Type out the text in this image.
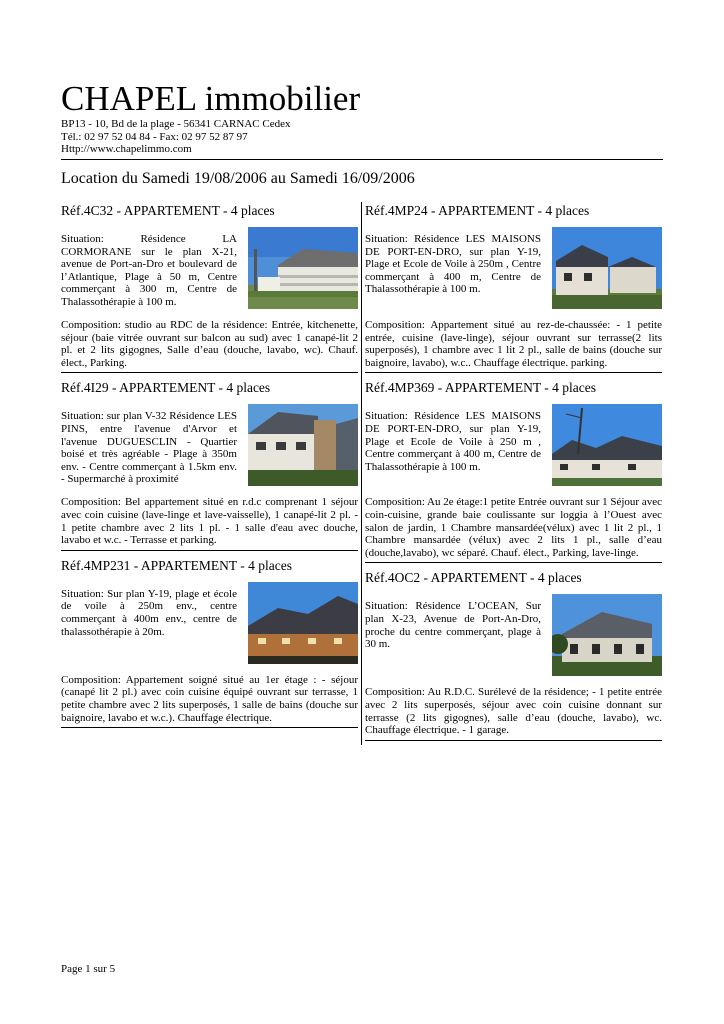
CHAPEL immobilier
BP13 - 10, Bd de la plage - 56341 CARNAC Cedex
Tél.: 02 97 52 04 84 - Fax: 02 97 52 87 97
Http://www.chapelimmo.com
Location du Samedi 19/08/2006 au Samedi 16/09/2006
Réf.4C32 - APPARTEMENT - 4 places
Situation: Résidence LA CORMORANE sur le plan X-21, avenue de Port-an-Dro et boulevard de l’Atlantique, Plage à 50 m, Centre commerçant à 300 m, Centre de Thalassothérapie à 100 m.
Composition: studio au RDC de la résidence: Entrée, kitchenette, séjour (baie vitrée ouvrant sur balcon au sud) avec 1 canapé-lit 2 pl. et 2 lits gigognes, Salle d’eau (douche, lavabo, wc). Chauf. élect., Parking.
Réf.4I29 - APPARTEMENT - 4 places
Situation: sur plan V-32 Résidence LES PINS, entre l'avenue d'Arvor et l'avenue DUGUESCLIN - Quartier boisé et très agréable - Plage à 350m env. - Centre commerçant à 1.5km env. - Supermarché à proximité
Composition: Bel appartement situé en r.d.c comprenant 1 séjour avec coin cuisine (lave-linge et lave-vaisselle), 1 canapé-lit 2 pl. - 1 petite chambre avec 2 lits 1 pl. - 1 salle d'eau avec douche, lavabo et w.c. - Terrasse et parking.
Réf.4MP231 - APPARTEMENT - 4 places
Situation: Sur plan Y-19, plage et école de voile à 250m env., centre commerçant à 400m env., centre de thalassothérapie à 20m.
Composition: Appartement soigné situé au 1er étage : - séjour (canapé lit 2 pl.) avec coin cuisine équipé ouvrant sur terrasse, 1 petite chambre avec 2 lits superposés, 1 salle de bains (douche sur baignoire, lavabo et w.c.). Chauffage électrique.
Réf.4MP24 - APPARTEMENT - 4 places
Situation: Résidence LES MAISONS DE PORT-EN-DRO, sur plan Y-19, Plage et Ecole de Voile à 250m , Centre commerçant à 400 m, Centre de Thalassothérapie à 100 m.
Composition: Appartement situé au rez-de-chaussée: - 1 petite entrée, cuisine (lave-linge), séjour ouvrant sur terrasse(2 lits superposés), 1 chambre avec 1 lit 2 pl., salle de bains (douche sur baignoire, lavabo), w.c.. Chauffage électrique. parking.
Réf.4MP369 - APPARTEMENT - 4 places
Situation: Résidence LES MAISONS DE PORT-EN-DRO, sur plan Y-19, Plage et Ecole de Voile à 250 m , Centre commerçant à 400 m, Centre de Thalassothérapie à 100 m.
Composition: Au 2e étage:1 petite Entrée ouvrant sur 1 Séjour avec coin-cuisine, grande baie coulissante sur loggia à l’Ouest avec salon de jardin, 1 Chambre mansardée(vélux) avec 1 lit 2 pl., 1 Chambre mansardée (vélux) avec 2 lits 1 pl., salle d’eau (douche,lavabo), wc séparé. Chauf. élect., Parking, lave-linge.
Réf.4OC2 - APPARTEMENT - 4 places
Situation: Résidence L’OCEAN, Sur plan X-23, Avenue de Port-An-Dro, proche du centre commerçant, plage à 30 m.
Composition: Au R.D.C. Surélevé de la résidence; - 1 petite entrée avec 2 lits superposés, séjour avec coin cuisine donnant sur terrasse (2 lits gigognes), salle d’eau (douche, lavabo), wc. Chauffage électrique. - 1 garage.
Page 1 sur 5
